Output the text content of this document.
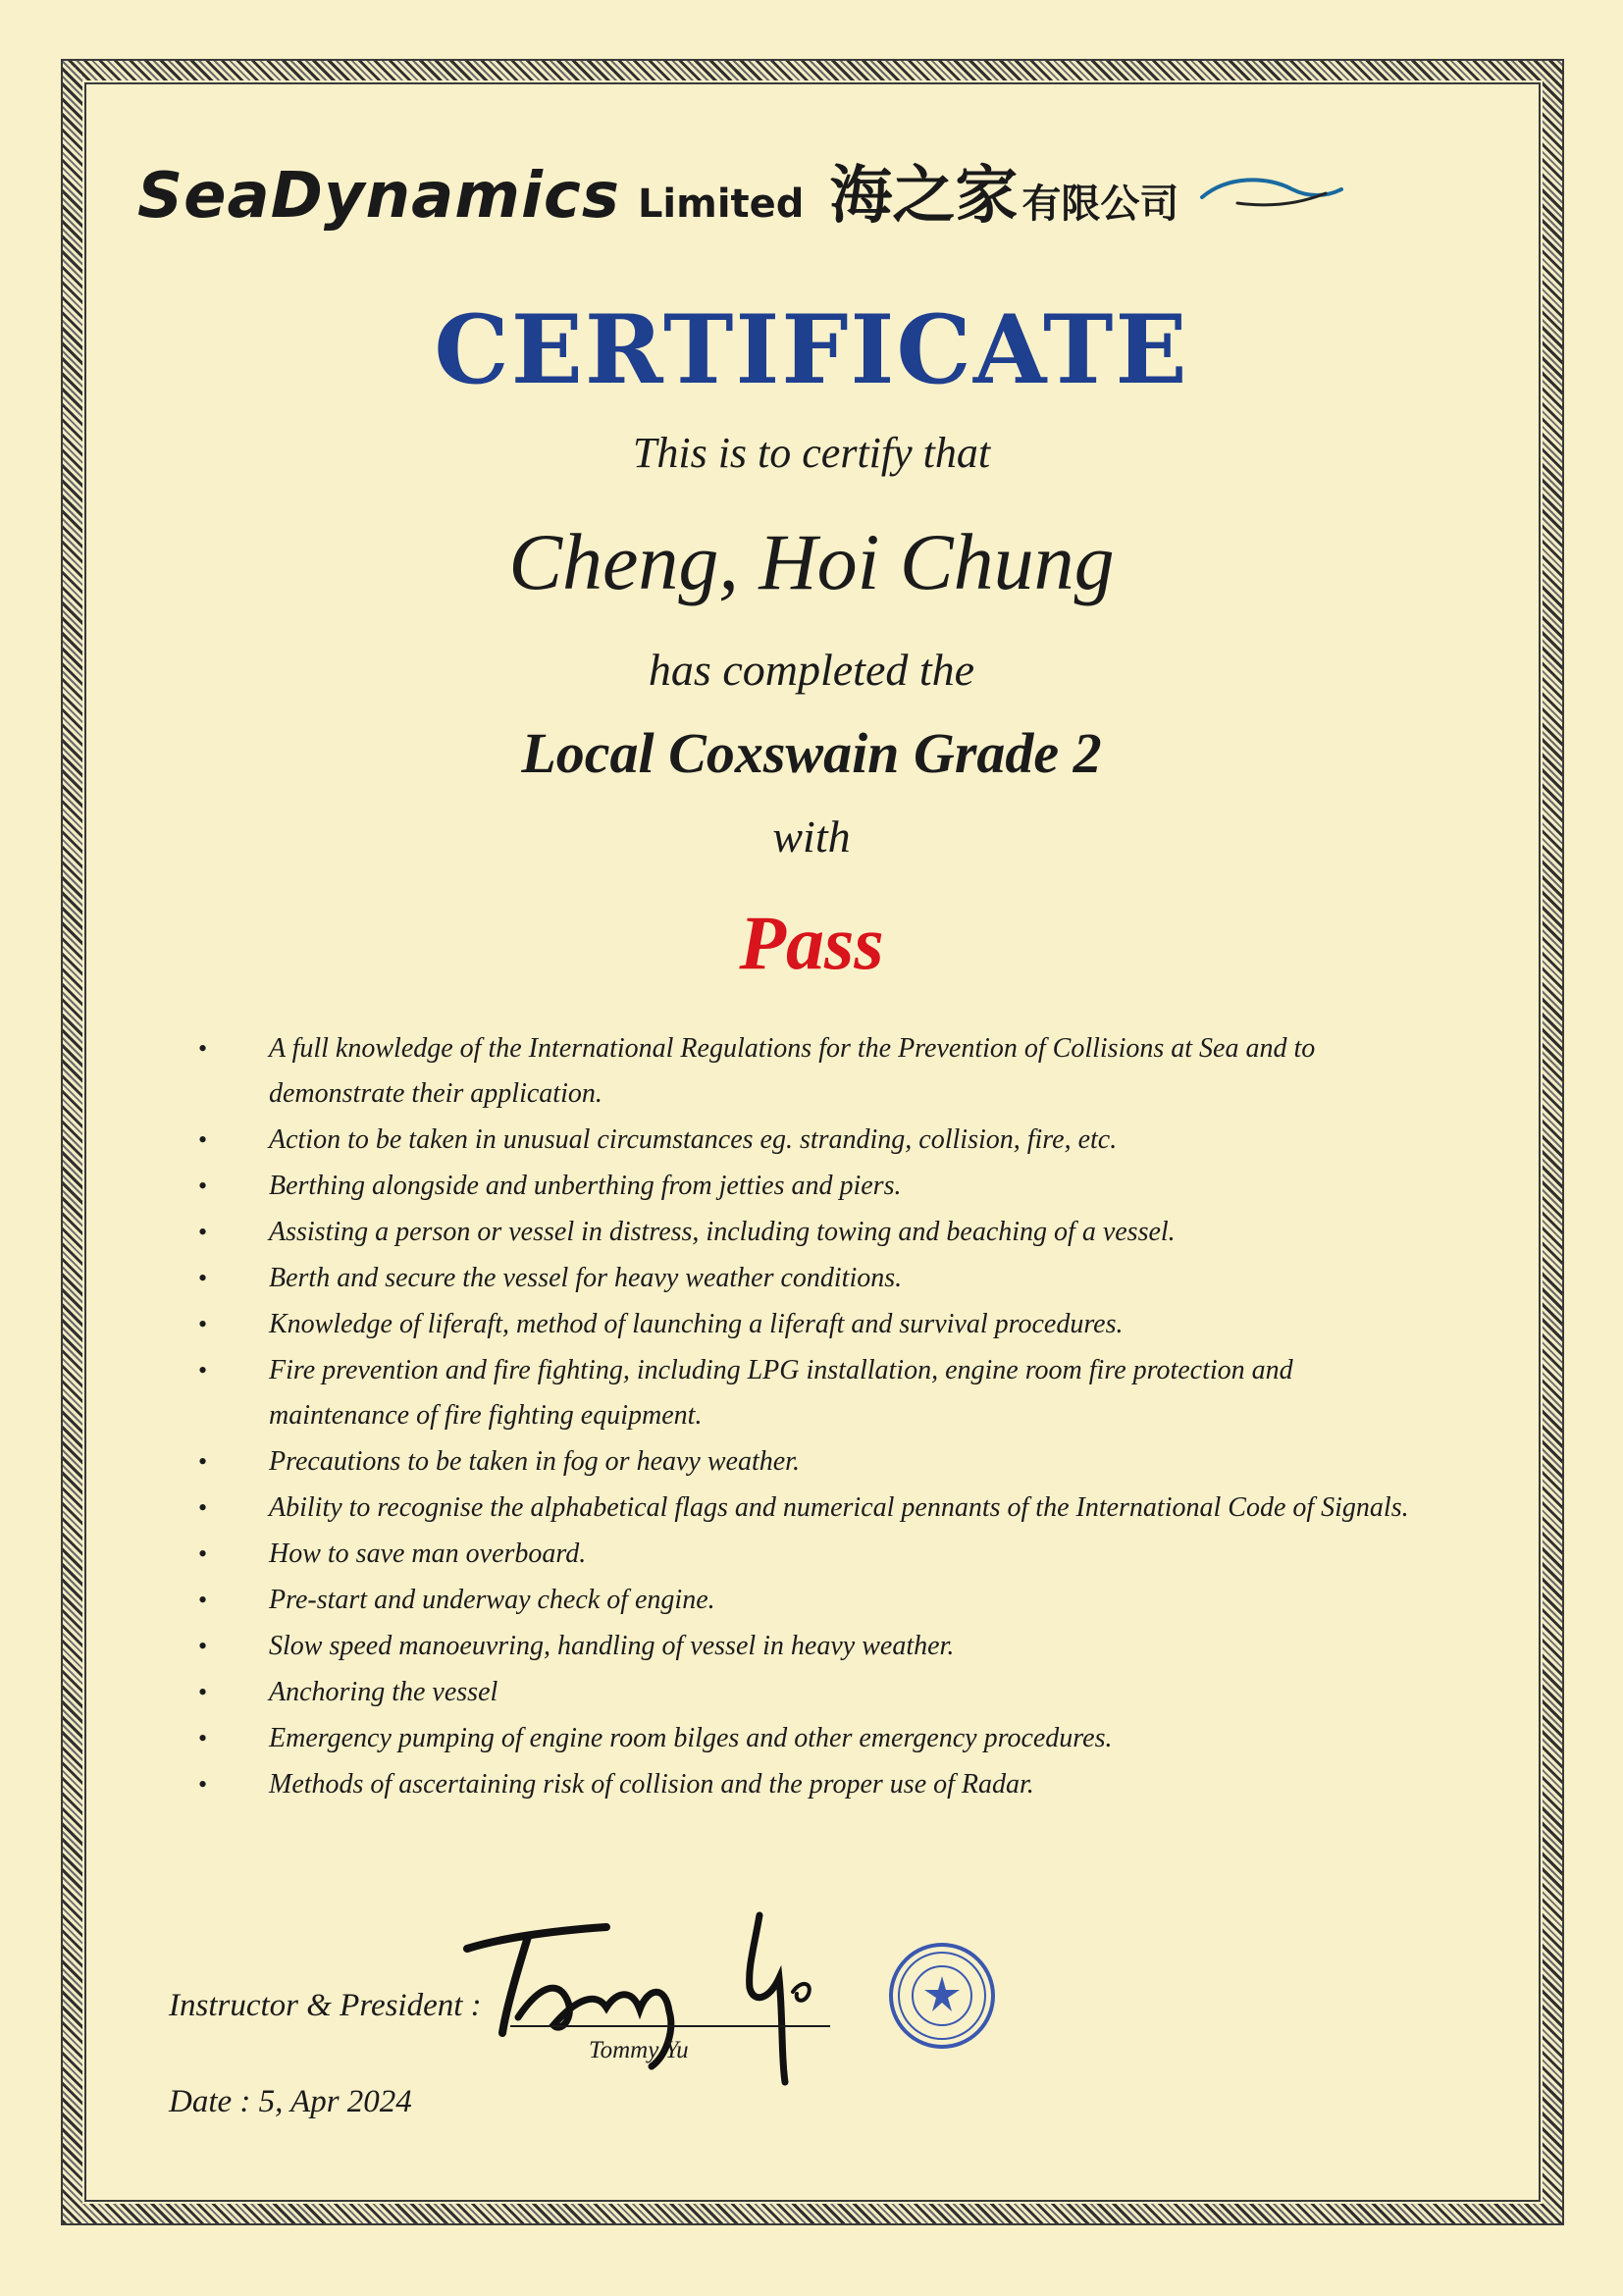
SeaDynamics Limited 海之家 有限公司
CERTIFICATE
This is to certify that
Cheng, Hoi Chung
has completed the
Local Coxswain Grade 2
with
Pass
• A full knowledge of the International Regulations for the Prevention of Collisions at Sea and to demonstrate their application.
• Action to be taken in unusual circumstances eg. stranding, collision, fire, etc.
• Berthing alongside and unberthing from jetties and piers.
• Assisting a person or vessel in distress, including towing and beaching of a vessel.
• Berth and secure the vessel for heavy weather conditions.
• Knowledge of liferaft, method of launching a liferaft and survival procedures.
• Fire prevention and fire fighting, including LPG installation, engine room fire protection and maintenance of fire fighting equipment.
• Precautions to be taken in fog or heavy weather.
• Ability to recognise the alphabetical flags and numerical pennants of the International Code of Signals.
• How to save man overboard.
• Pre-start and underway check of engine.
• Slow speed manoeuvring, handling of vessel in heavy weather.
• Anchoring the vessel
• Emergency pumping of engine room bilges and other emergency procedures.
• Methods of ascertaining risk of collision and the proper use of Radar.
Instructor & President :
Tommy Yu
Date : 5, Apr 2024
